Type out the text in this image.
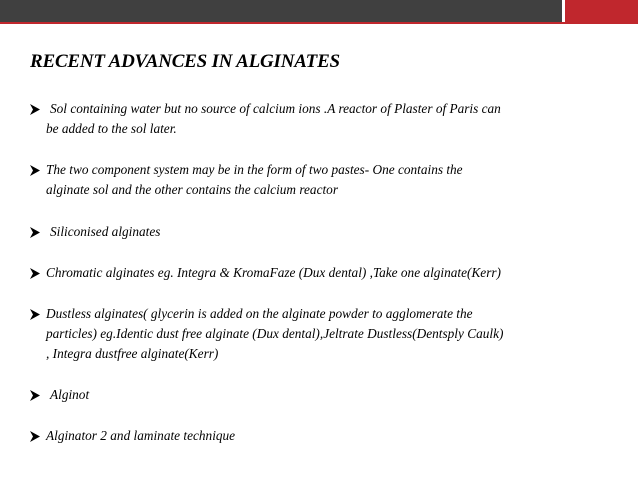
RECENT ADVANCES IN ALGINATES
Sol containing water but no source of calcium ions .A reactor of Plaster of Paris can
be added to the sol later.
The two component system may be in the form of two pastes- One contains the
alginate sol and the other contains the calcium reactor
Siliconised alginates
Chromatic alginates eg. Integra & KromaFaze (Dux dental) ,Take one alginate(Kerr)
Dustless alginates( glycerin is added on the alginate powder to agglomerate the
particles) eg.Identic dust free alginate (Dux dental),Jeltrate Dustless(Dentsply Caulk)
, Integra dustfree alginate(Kerr)
Alginot
Alginator 2 and laminate technique
